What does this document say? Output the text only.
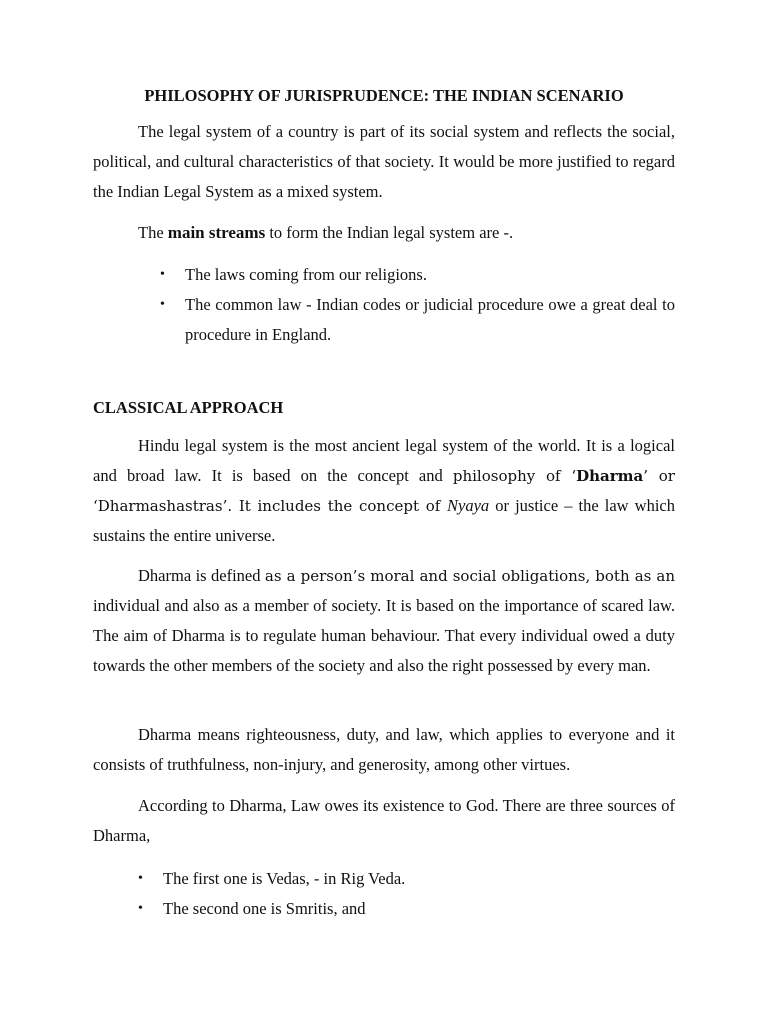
PHILOSOPHY OF JURISPRUDENCE: THE INDIAN SCENARIO

The legal system of a country is part of its social system and reflects the social, political, and cultural characteristics of that society. It would be more justified to regard the Indian Legal System as a mixed system.

The main streams to form the Indian legal system are -.

• The laws coming from our religions.
• The common law - Indian codes or judicial procedure owe a great deal to procedure in England.
CLASSICAL APPROACH

Hindu legal system is the most ancient legal system of the world. It is a logical and broad law. It is based on the concept and philosophy of ‘Dharma’ or ‘Dharmashastras’. It includes the concept of Nyaya or justice – the law which sustains the entire universe.

Dharma is defined as a person’s moral and social obligations, both as an individual and also as a member of society. It is based on the importance of scared law. The aim of Dharma is to regulate human behaviour. That every individual owed a duty towards the other members of the society and also the right possessed by every man.

Dharma means righteousness, duty, and law, which applies to everyone and it consists of truthfulness, non-injury, and generosity, among other virtues.

According to Dharma, Law owes its existence to God. There are three sources of Dharma,

• The first one is Vedas, - in Rig Veda.
• The second one is Smritis, and
